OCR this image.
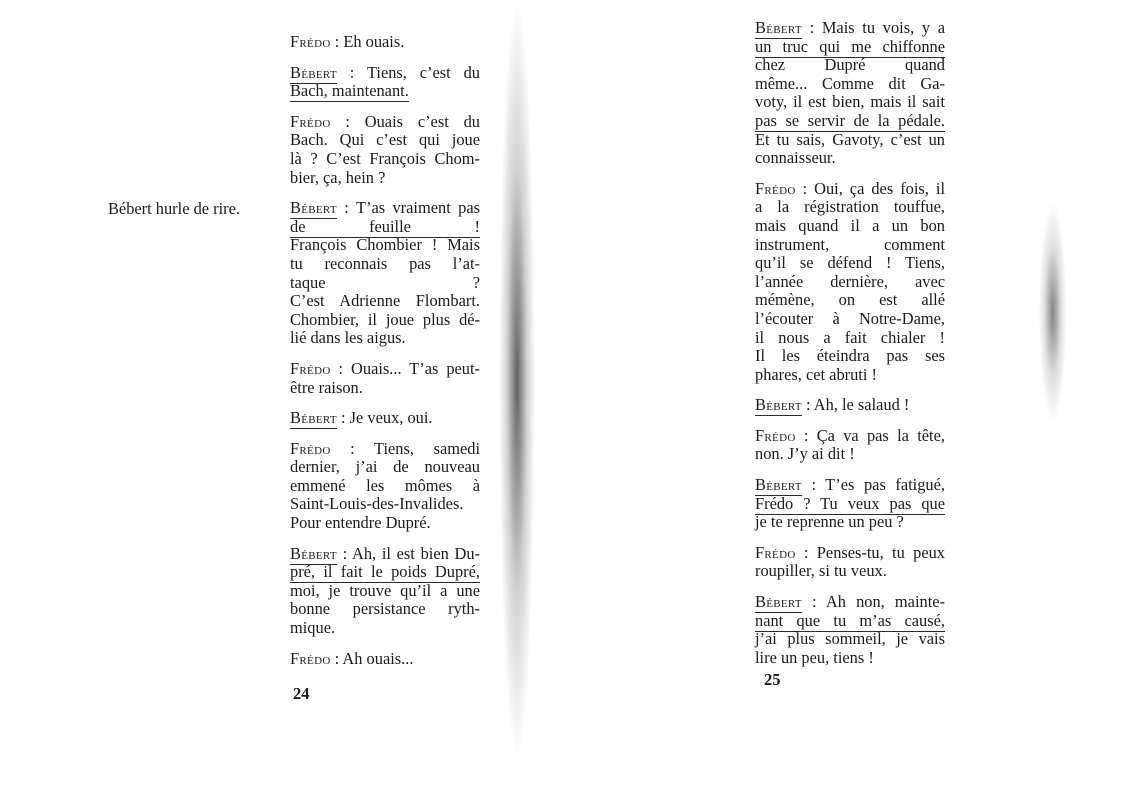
Bébert hurle de rire.
Frédo : Eh ouais.
Bébert : Tiens, c’est du
Bach, maintenant.
Frédo : Ouais c’est du
Bach. Qui c’est qui joue
là ? C’est François Chom-
bier, ça, hein ?
Bébert : T’as vraiment pas
de feuille !
François Chombier ! Mais
tu reconnais pas l’at-
taque ?
C’est Adrienne Flombart.
Chombier, il joue plus dé-
lié dans les aigus.
Frédo : Ouais... T’as peut-
être raison.
Bébert : Je veux, oui.
Frédo : Tiens, samedi
dernier, j’ai de nouveau
emmené les mômes à
Saint-Louis-des-Invalides.
Pour entendre Dupré.
Bébert : Ah, il est bien Du-
pré, il fait le poids Dupré,
moi, je trouve qu’il a une
bonne persistance ryth-
mique.
Frédo : Ah ouais...
Bébert : Mais tu vois, y a
un truc qui me chiffonne
chez Dupré quand
même... Comme dit Ga-
voty, il est bien, mais il sait
pas se servir de la pédale.
Et tu sais, Gavoty, c’est un
connaisseur.
Frédo : Oui, ça des fois, il
a la régistration touffue,
mais quand il a un bon
instrument, comment
qu’il se défend ! Tiens,
l’année dernière, avec
mémène, on est allé
l’écouter à Notre-Dame,
il nous a fait chialer !
Il les éteindra pas ses
phares, cet abruti !
Bébert : Ah, le salaud !
Frédo : Ça va pas la tête,
non. J’y ai dit !
Bébert : T’es pas fatigué,
Frédo ? Tu veux pas que
je te reprenne un peu ?
Frédo : Penses-tu, tu peux
roupiller, si tu veux.
Bébert : Ah non, mainte-
nant que tu m’as causé,
j’ai plus sommeil, je vais
lire un peu, tiens !
24
25
